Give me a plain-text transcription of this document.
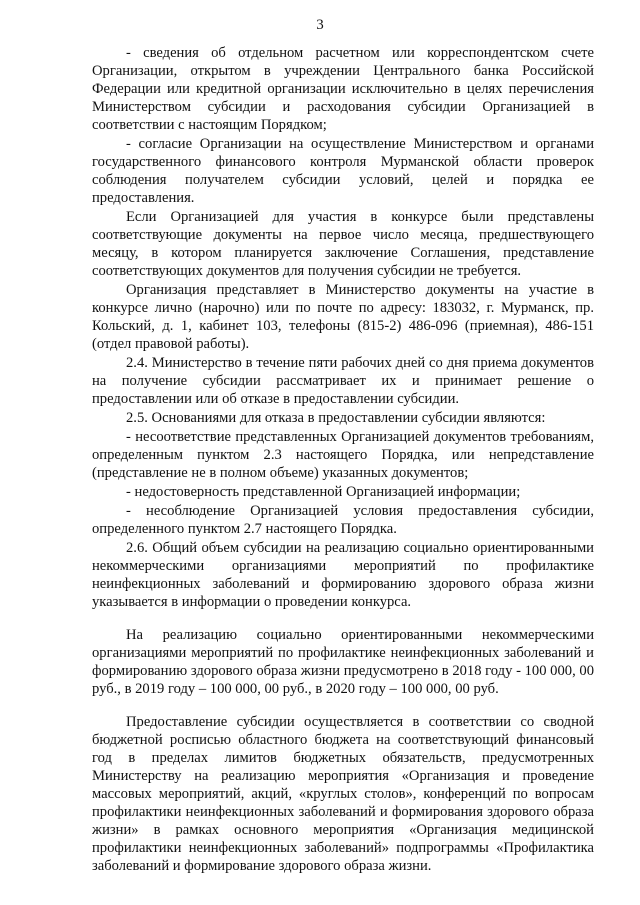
3

- сведения об отдельном расчетном или корреспондентском счете Организации, открытом в учреждении Центрального банка Российской Федерации или кредитной организации исключительно в целях перечисления Министерством субсидии и расходования субсидии Организацией в соответствии с настоящим Порядком;

- согласие Организации на осуществление Министерством и органами государственного финансового контроля Мурманской области проверок соблюдения получателем субсидии условий, целей и порядка ее предоставления.

Если Организацией для участия в конкурсе были представлены соответствующие документы на первое число месяца, предшествующего месяцу, в котором планируется заключение Соглашения, представление соответствующих документов для получения субсидии не требуется.

Организация представляет в Министерство документы на участие в конкурсе лично (нарочно) или по почте по адресу: 183032, г. Мурманск, пр. Кольский, д. 1, кабинет 103, телефоны (815-2) 486-096 (приемная), 486-151 (отдел правовой работы).

2.4. Министерство в течение пяти рабочих дней со дня приема документов на получение субсидии рассматривает их и принимает решение о предоставлении или об отказе в предоставлении субсидии.

2.5. Основаниями для отказа в предоставлении субсидии являются:

- несоответствие представленных Организацией документов требованиям, определенным пунктом 2.3 настоящего Порядка, или непредставление (представление не в полном объеме) указанных документов;

- недостоверность представленной Организацией информации;

- несоблюдение Организацией условия предоставления субсидии, определенного пунктом 2.7 настоящего Порядка.

2.6. Общий объем субсидии на реализацию социально ориентированными некоммерческими организациями мероприятий по профилактике неинфекционных заболеваний и формированию здорового образа жизни указывается в информации о проведении конкурса.

На реализацию социально ориентированными некоммерческими организациями мероприятий по профилактике неинфекционных заболеваний и формированию здорового образа жизни предусмотрено в 2018 году - 100 000, 00 руб., в 2019 году – 100 000, 00 руб., в 2020 году – 100 000, 00 руб.

Предоставление субсидии осуществляется в соответствии со сводной бюджетной росписью областного бюджета на соответствующий финансовый год в пределах лимитов бюджетных обязательств, предусмотренных Министерству на реализацию мероприятия «Организация и проведение массовых мероприятий, акций, «круглых столов», конференций по вопросам профилактики неинфекционных заболеваний и формирования здорового образа жизни» в рамках основного мероприятия «Организация медицинской профилактики неинфекционных заболеваний» подпрограммы «Профилактика заболеваний и формирование здорового образа жизни.
